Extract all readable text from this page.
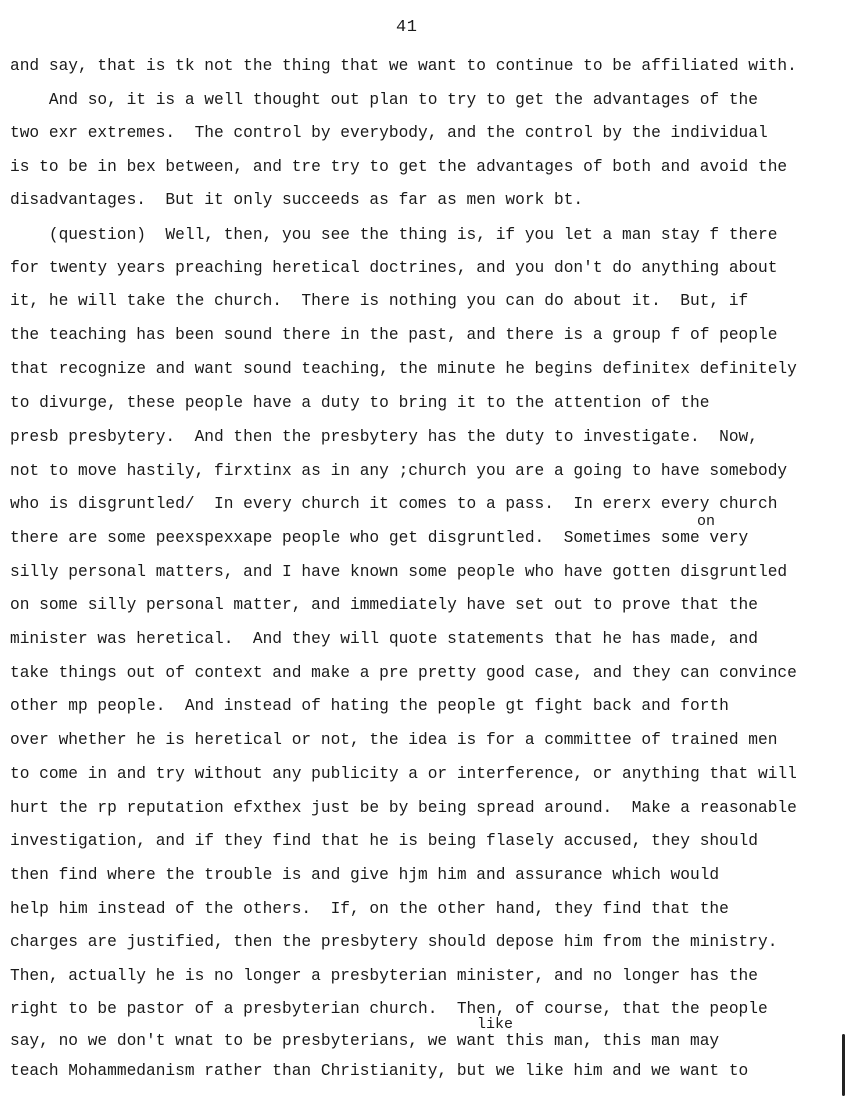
41
and say, that is tk not the thing that we want to continue to be affiliated with.
And so, it is a well thought out plan to try to get the advantages of the
two exr extremes.  The control by everybody, and the control by the individual
is to be in bex between, and tre try to get the advantages of both and avoid the
disadvantages.  But it only succeeds as far as men work bt.
(question)  Well, then, you see the thing is, if you let a man stay f there
for twenty years preaching heretical doctrines, and you don't do anything about
it, he will take the church.  There is nothing you can do about it.  But, if
the teaching has been sound there in the past, and there is a group f of people
that recognize and want sound teaching, the minute he begins definitex definitely
to divurge, these people have a duty to bring it to the attention of the
presb presbytery.  And then the presbytery has the duty to investigate.  Now,
not to move hastily, firxtinx as in any ;church you are a going to have somebody
who is disgruntled/  In every church it comes to a pass.  In ererx every church
on
there are some peexspexxape people who get disgruntled.  Sometimes some very
silly personal matters, and I have known some people who have gotten disgruntled
on some silly personal matter, and immediately have set out to prove that the
minister was heretical.  And they will quote statements that he has made, and
take things out of context and make a pre pretty good case, and they can convince
other mp people.  And instead of hating the people gt fight back and forth
over whether he is heretical or not, the idea is for a committee of trained men
to come in and try without any publicity a or interference, or anything that will
hurt the rp reputation efxthex just be by being spread around.  Make a reasonable
investigation, and if they find that he is being flasely accused, they should
then find where the trouble is and give hjm him and assurance which would
help him instead of the others.  If, on the other hand, they find that the
charges are justified, then the presbytery should depose him from the ministry.
Then, actually he is no longer a presbyterian minister, and no longer has the
right to be pastor of a presbyterian church.  Then, of course, that the people
like
say, no we don't wnat to be presbyterians, we want this man, this man may
teach Mohammedanism rather than Christianity, but we like him and we want to
